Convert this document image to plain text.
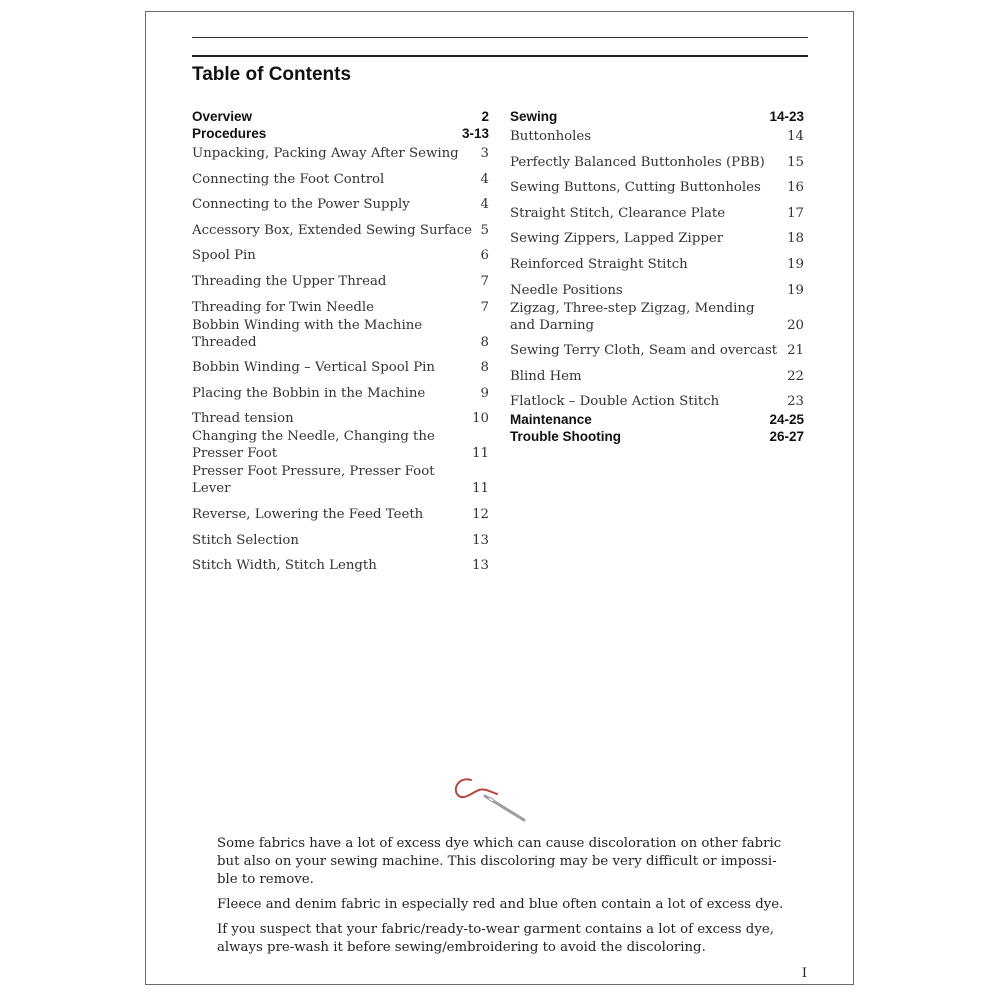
Table of Contents
Overview	2
Procedures	3-13
Unpacking, Packing Away After Sewing	3
Connecting the Foot Control	4
Connecting to the Power Supply	4
Accessory Box, Extended Sewing Surface 5
Spool Pin	6
Threading the Upper Thread	7
Threading for Twin Needle	7
Bobbin Winding with the Machine Threaded	8
Bobbin Winding – Vertical Spool Pin	8
Placing the Bobbin in the Machine	9
Thread tension	10
Changing the Needle, Changing the Presser Foot	11
Presser Foot Pressure, Presser Foot Lever	11
Reverse, Lowering the Feed Teeth	12
Stitch Selection	13
Stitch Width, Stitch Length	13
Sewing	14-23
Buttonholes	14
Perfectly Balanced Buttonholes (PBB)	15
Sewing Buttons, Cutting Buttonholes	16
Straight Stitch, Clearance Plate	17
Sewing Zippers, Lapped Zipper	18
Reinforced Straight Stitch	19
Needle Positions	19
Zigzag, Three-step Zigzag, Mending and Darning	20
Sewing Terry Cloth, Seam and overcast 21
Blind Hem	22
Flatlock – Double Action Stitch	23
Maintenance	24-25
Trouble Shooting	26-27

Some fabrics have a lot of excess dye which can cause discoloration on other fabric but also on your sewing machine. This discoloring may be very difficult or impossi-ble to remove.

Fleece and denim fabric in especially red and blue often contain a lot of excess dye.

If you suspect that your fabric/ready-to-wear garment contains a lot of excess dye, always pre-wash it before sewing/embroidering to avoid the discoloring.

I
